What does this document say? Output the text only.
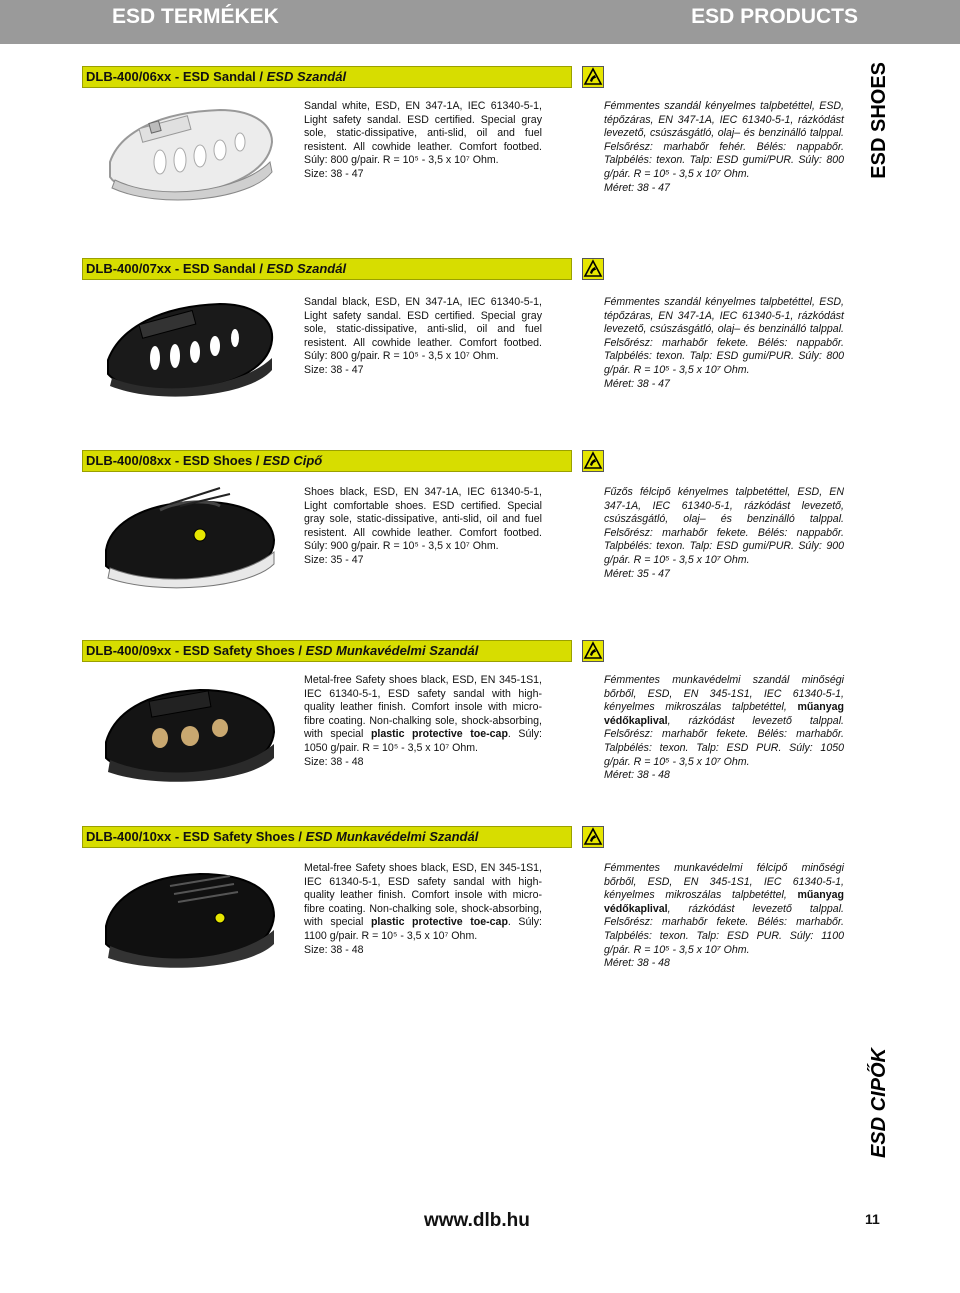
ESD TERMÉKEK	ESD PRODUCTS
ESD SHOES
ESD CIPŐK
DLB-400/06xx - ESD Sandal / ESD Szandál

Sandal white, ESD, EN 347-1A, IEC 61340-5-1, Light safety sandal. ESD certified. Special gray sole, static-dissipative, anti-slid, oil and fuel resistent. All cowhide leather. Comfort footbed. Súly: 800 g/pair. R = 10⁵ - 3,5 x 10⁷ Ohm.

Size: 38 - 47

Fémmentes szandál kényelmes talpbetéttel, ESD, tépőzáras, EN 347-1A, IEC 61340-5-1, rázkódást levezető, csúszásgátló, olaj– és benzinálló talppal. Felsőrész: marhabőr fehér. Bélés: nappabőr. Talpbélés: texon. Talp: ESD gumi/PUR. Súly: 800 g/pár. R = 10⁵ - 3,5 x 10⁷ Ohm.

Méret: 38 - 47

DLB-400/07xx - ESD Sandal / ESD Szandál

Sandal black, ESD, EN 347-1A, IEC 61340-5-1, Light safety sandal. ESD certified. Special gray sole, static-dissipative, anti-slid, oil and fuel resistent. All cowhide leather. Comfort footbed. Súly: 800 g/pair. R = 10⁵ - 3,5 x 10⁷ Ohm.

Size: 38 - 47

Fémmentes szandál kényelmes talpbetéttel, ESD, tépőzáras, EN 347-1A, IEC 61340-5-1, rázkódást levezető, csúszásgátló, olaj– és benzinálló talppal. Felsőrész: marhabőr fekete. Bélés: nappabőr. Talpbélés: texon. Talp: ESD gumi/PUR. Súly: 800 g/pár. R = 10⁵ - 3,5 x 10⁷ Ohm.

Méret: 38 - 47

DLB-400/08xx - ESD Shoes / ESD Cipő

Shoes black, ESD, EN 347-1A, IEC 61340-5-1, Light comfortable shoes. ESD certified. Special gray sole, static-dissipative, anti-slid, oil and fuel resistent. All cowhide leather. Comfort footbed. Súly: 900 g/pair. R = 10⁵ - 3,5 x 10⁷ Ohm.

Size: 35 - 47

Fűzős félcipő kényelmes talpbetéttel, ESD, EN 347-1A, IEC 61340-5-1, rázkódást levezető, csúszásgátló, olaj– és benzinálló talppal. Felsőrész: marhabőr fekete. Bélés: nappabőr. Talpbélés: texon. Talp: ESD gumi/PUR. Súly: 900 g/pár. R = 10⁵ - 3,5 x 10⁷ Ohm.

Méret: 35 - 47

DLB-400/09xx - ESD Safety Shoes / ESD Munkavédelmi Szandál

Metal-free Safety shoes black, ESD, EN 345-1S1, IEC 61340-5-1, ESD safety sandal with high-quality leather finish. Comfort insole with micro-fibre coating. Non-chalking sole, shock-absorbing, with special plastic protective toe-cap. Súly: 1050 g/pair. R = 10⁵ - 3,5 x 10⁷ Ohm.

Size: 38 - 48

Fémmentes munkavédelmi szandál minőségi bőrből, ESD, EN 345-1S1, IEC 61340-5-1, kényelmes mikroszálas talpbetéttel, műanyag védőkaplival, rázkódást levezető talppal. Felsőrész: marhabőr fekete. Bélés: marhabőr. Talpbélés: texon. Talp: ESD PUR. Súly: 1050 g/pár. R = 10⁵ - 3,5 x 10⁷ Ohm.

Méret: 38 - 48

DLB-400/10xx - ESD Safety Shoes / ESD Munkavédelmi Szandál

Metal-free Safety shoes black, ESD, EN 345-1S1, IEC 61340-5-1, ESD safety sandal with high-quality leather finish. Comfort insole with micro-fibre coating. Non-chalking sole, shock-absorbing, with special plastic protective toe-cap. Súly: 1100 g/pair. R = 10⁵ - 3,5 x 10⁷ Ohm.

Size: 38 - 48

Fémmentes munkavédelmi félcipő minőségi bőrből, ESD, EN 345-1S1, IEC 61340-5-1, kényelmes mikroszálas talpbetéttel, műanyag védőkaplival, rázkódást levezető talppal. Felsőrész: marhabőr fekete. Bélés: marhabőr. Talpbélés: texon. Talp: ESD PUR. Súly: 1100 g/pár. R = 10⁵ - 3,5 x 10⁷ Ohm.

Méret: 38 - 48

www.dlb.hu	11
